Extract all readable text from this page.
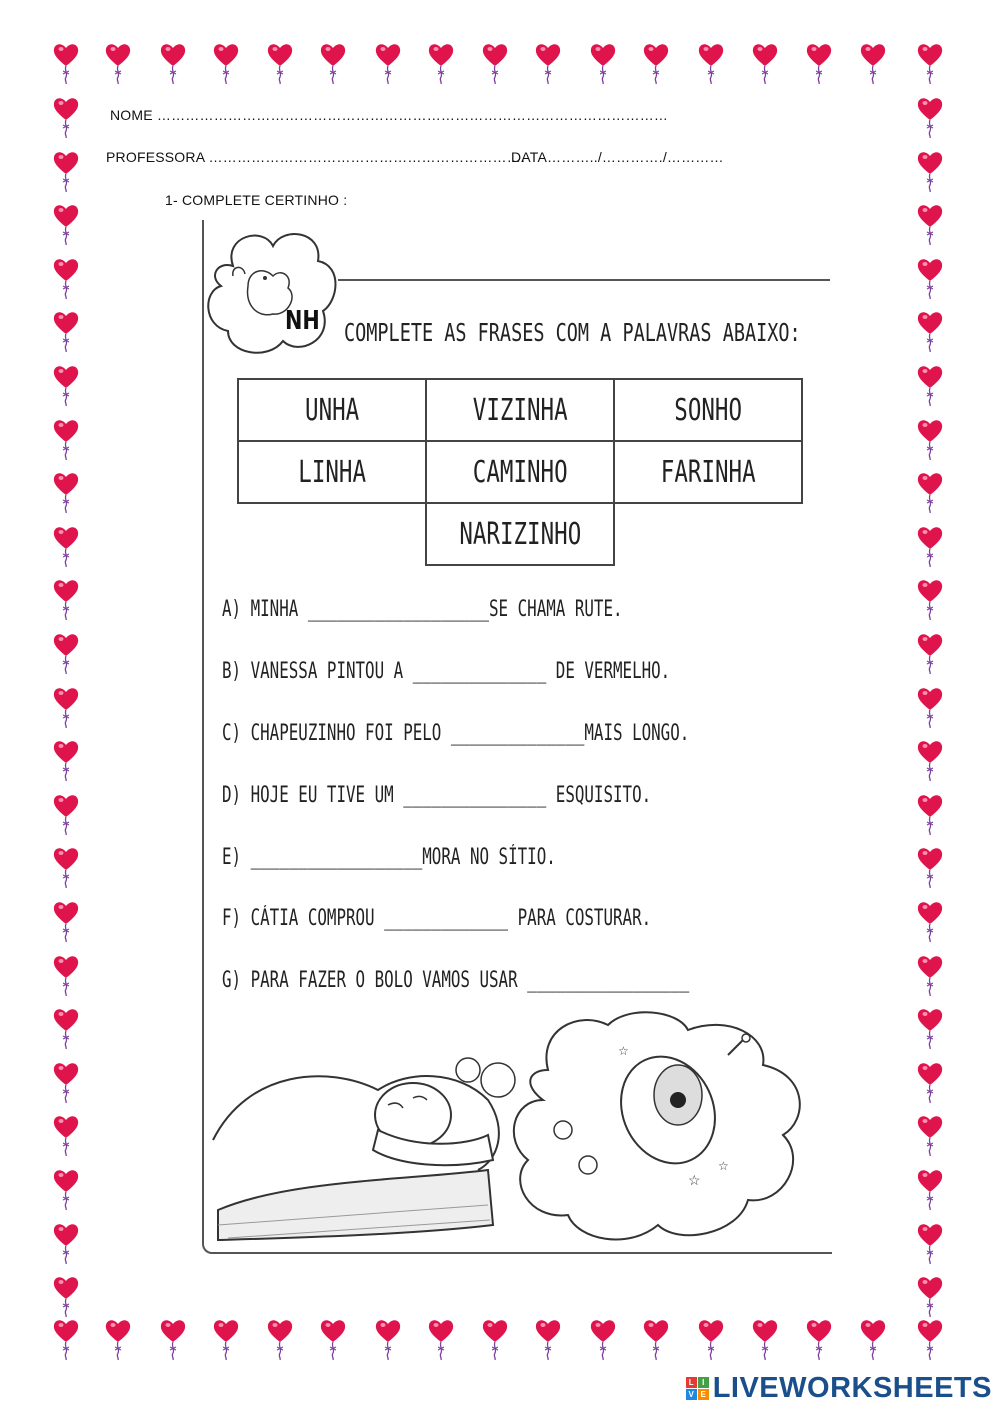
NOME ………………………………………………………………………………………………
PROFESSORA ………………………………………………………….
DATA………../…………./…………
1- COMPLETE CERTINHO :
NH COMPLETE AS FRASES COM A PALAVRAS ABAIXO:
UNHA	VIZINHA	SONHO
LINHA	CAMINHO	FARINHA
	NARIZINHO	
A) MINHA ___________________SE CHAMA RUTE.
B) VANESSA PINTOU A ______________ DE VERMELHO.
C) CHAPEUZINHO FOI PELO ______________MAIS LONGO.
D) HOJE EU TIVE UM _______________ ESQUISITO.
E) __________________MORA NO SÍTIO.
F) CÁTIA COMPROU _____________ PARA COSTURAR.
G) PARA FAZER O BOLO VAMOS USAR _________________
☆
☆
☆
L	I
V E LIVEWORKSHEETS
